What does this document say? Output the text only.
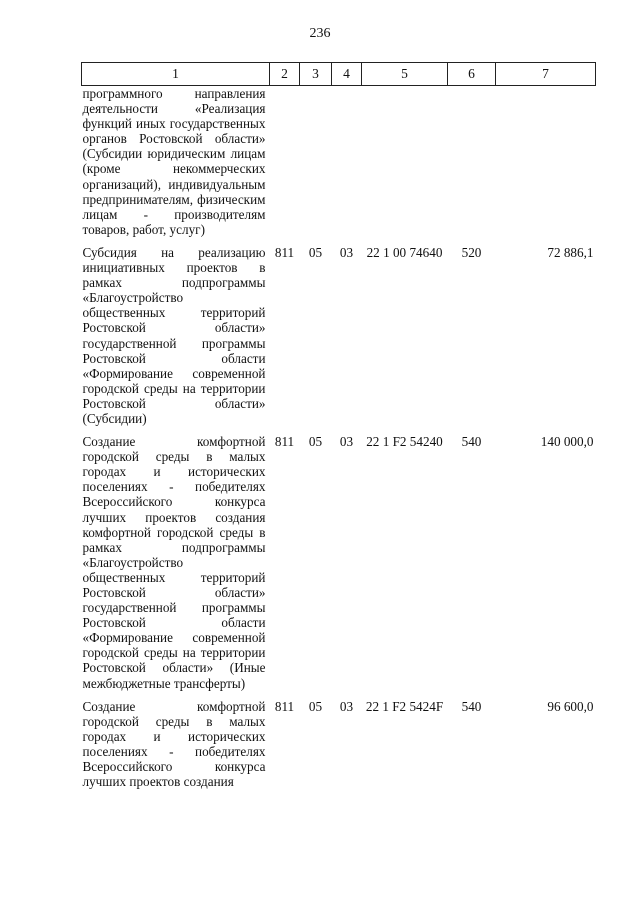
236
1	2	3	4	5	6	7
программного направления деятельности «Реализация функций иных государственных органов Ростовской области» (Субсидии юридическим лицам (кроме некоммерческих организаций), индивидуальным предпринимателям, физическим лицам - производителям товаров, работ, услуг)						

Субсидия на реализацию инициативных проектов в рамках подпрограммы «Благоустройство общественных территорий Ростовской области» государственной программы Ростовской области «Формирование современной городской среды на территории Ростовской области» (Субсидии)	811	05	03	22 1 00 74640	520	72 886,1

Создание комфортной городской среды в малых городах и исторических поселениях - победителях Всероссийского конкурса лучших проектов создания комфортной городской среды в рамках подпрограммы «Благоустройство общественных территорий Ростовской области» государственной программы Ростовской области «Формирование современной городской среды на территории Ростовской области» (Иные межбюджетные трансферты)	811	05	03	22 1 F2 54240	540	140 000,0

Создание комфортной городской среды в малых городах и исторических поселениях - победителях Всероссийского конкурса лучших проектов создания	811	05	03	22 1 F2 5424F	540	96 600,0
